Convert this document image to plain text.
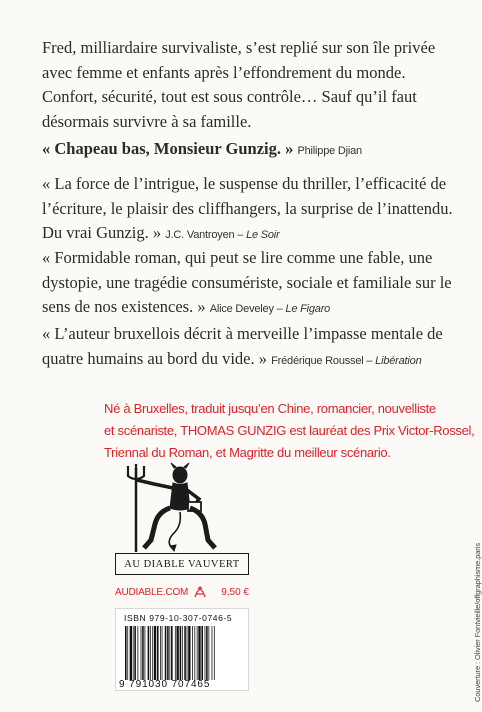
Fred, milliardaire survivaliste, s’est replié sur son île privée avec femme et enfants après l’effondrement du monde. Confort, sécurité, tout est sous contrôle… Sauf qu’il faut désormais survivre à sa famille.

« Chapeau bas, Monsieur Gunzig. » Philippe Djian

« La force de l’intrigue, le suspense du thriller, l’efficacité de l’écriture, le plaisir des cliffhangers, la surprise de l’inattendu. Du vrai Gunzig. » J.C. Vantroyen – Le Soir

« Formidable roman, qui peut se lire comme une fable, une dystopie, une tragédie consumériste, sociale et familiale sur le sens de nos existences. » Alice Develey – Le Figaro

« L’auteur bruxellois décrit à merveille l’impasse mentale de quatre humains au bord du vide. » Frédérique Roussel – Libération

Né à Bruxelles, traduit jusqu’en Chine, romancier, nouvelliste
et scénariste, THOMAS GUNZIG est lauréat des Prix Victor-Rossel,
Triennal du Roman, et Magritte du meilleur scénario.

AU DIABLE VAUVERT
AUDIABLE.COM	9,50 €
ISBN 979-10-307-0746-5
9 791030 707465	Couverture : Olivier Fontvieille/offgraphisme.paris
